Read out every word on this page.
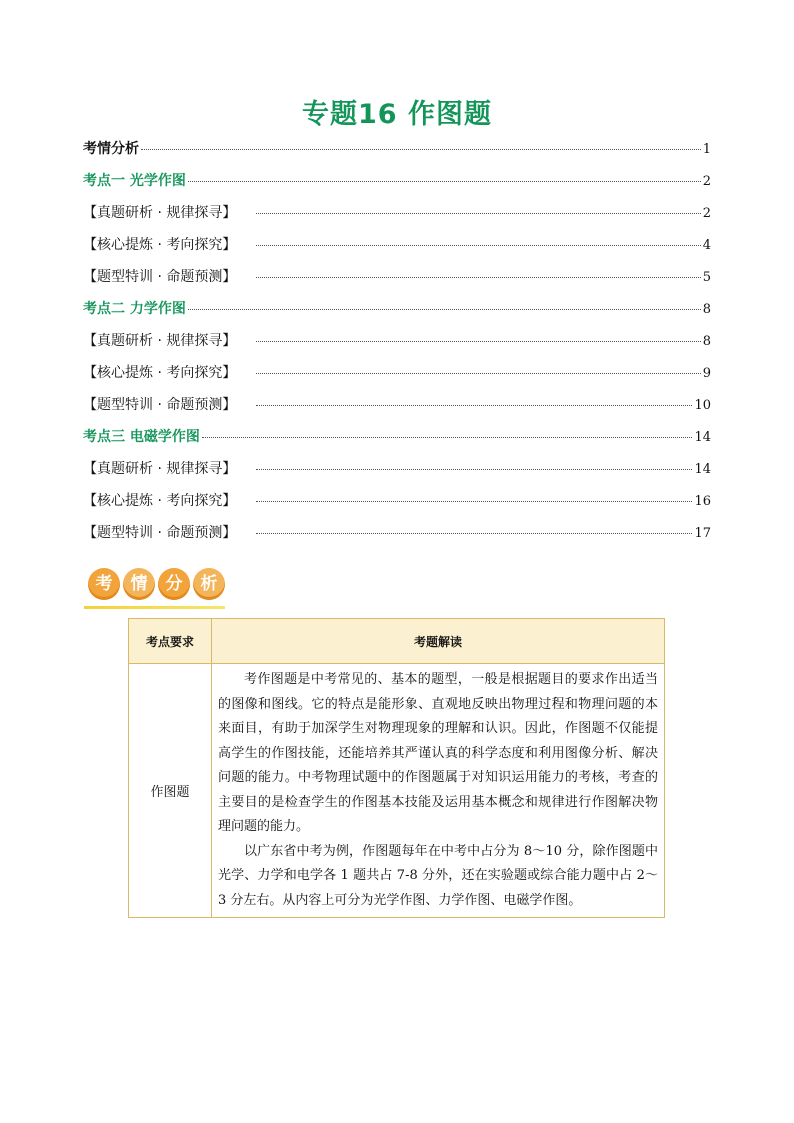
专题16 作图题
考情分析	1
考点一 光学作图	2
【真题研析 · 规律探寻】	2
【核心提炼 · 考向探究】	4
【题型特训 · 命题预测】	5
考点二 力学作图	8
【真题研析 · 规律探寻】	8
【核心提炼 · 考向探究】	9
【题型特训 · 命题预测】	10
考点三 电磁学作图	14
【真题研析 · 规律探寻】	14
【核心提炼 · 考向探究】	16
【题型特训 · 命题预测】	17
考	情	分	析
考点要求	考题解读
作图题	考作图题是中考常见的、基本的题型，一般是根据题目的要求作出适当的图像和图线。它的特点是能形象、直观地反映出物理过程和物理问题的本来面目，有助于加深学生对物理现象的理解和认识。因此，作图题不仅能提高学生的作图技能，还能培养其严谨认真的科学态度和利用图像分析、解决问题的能力。中考物理试题中的作图题属于对知识运用能力的考核，考查的主要目的是检查学生的作图基本技能及运用基本概念和规律进行作图解决物理问题的能力。

以广东省中考为例，作图题每年在中考中占分为 8～10 分，除作图题中光学、力学和电学各 1 题共占 7-8 分外，还在实验题或综合能力题中占 2～3 分左右。从内容上可分为光学作图、力学作图、电磁学作图。
